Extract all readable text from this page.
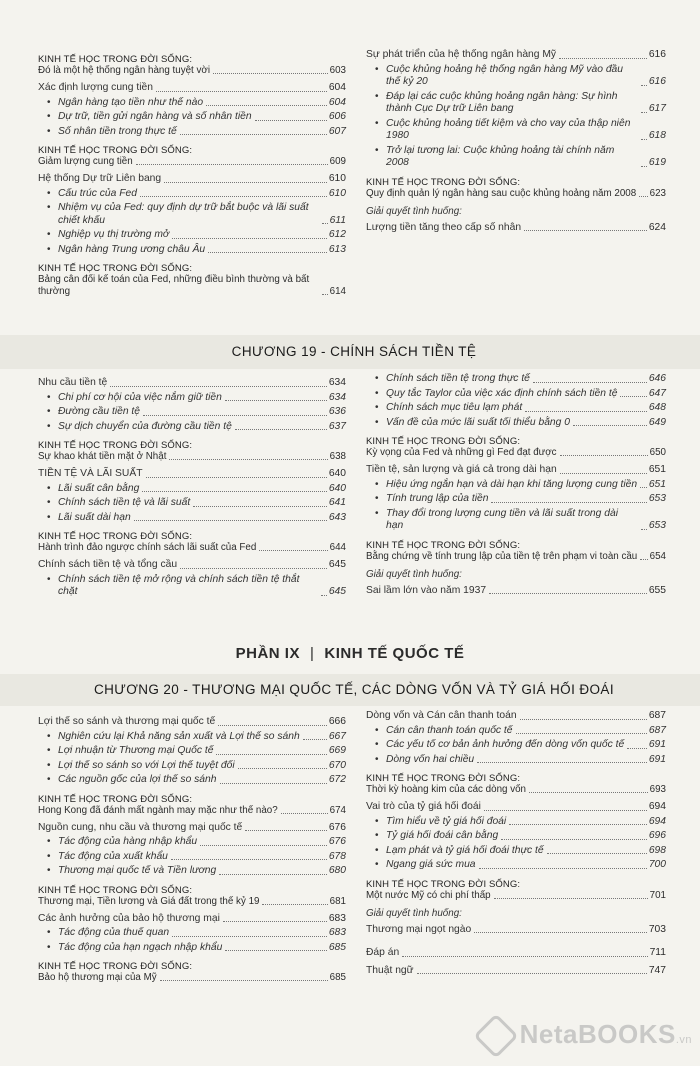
CHƯƠNG 19 - CHÍNH SÁCH TIỀN TỆ
PHẦN IX | KINH TẾ QUỐC TẾ
CHƯƠNG 20 - THƯƠNG MẠI QUỐC TẾ, CÁC DÒNG VỐN VÀ TỶ GIÁ HỐI ĐOÁI
KINH TẾ HỌC TRONG ĐỜI SỐNG:
Đó là một hệ thống ngân hàng tuyệt vời	603
Xác định lượng cung tiền	604
• Ngân hàng tạo tiền như thế nào	604
• Dự trữ, tiền gửi ngân hàng và số nhân tiền	606
• Số nhân tiền trong thực tế	607
KINH TẾ HỌC TRONG ĐỜI SỐNG:
Giảm lượng cung tiền	609
Hệ thống Dự trữ Liên bang	610
• Cấu trúc của Fed	610
• Nhiệm vụ của Fed: quy định dự trữ bắt buộc và lãi suất chiết khấu	611
• Nghiệp vụ thị trường mở	612
• Ngân hàng Trung ương châu Âu	613
KINH TẾ HỌC TRONG ĐỜI SỐNG:
Bảng cân đối kế toán của Fed, những điều bình thường và bất thường	614
Sự phát triển của hệ thống ngân hàng Mỹ	616
• Cuộc khủng hoảng hệ thống ngân hàng Mỹ vào đầu thế kỷ 20	616
• Đáp lại các cuộc khủng hoảng ngân hàng: Sự hình thành Cục Dự trữ Liên bang	617
• Cuộc khủng hoảng tiết kiệm và cho vay của thập niên 1980	618
• Trở lại tương lai: Cuộc khủng hoảng tài chính năm 2008	619
KINH TẾ HỌC TRONG ĐỜI SỐNG:
Quy định quản lý ngân hàng sau cuộc khủng hoảng năm 2008 623
Giải quyết tình huống:
Lượng tiền tăng theo cấp số nhân	624
Nhu cầu tiền tệ	634
• Chi phí cơ hội của việc nắm giữ tiền	634
• Đường cầu tiền tệ	636
• Sự dịch chuyển của đường cầu tiền tệ	637
KINH TẾ HỌC TRONG ĐỜI SỐNG:
Sự khao khát tiền mặt ở Nhật	638
TIỀN TỆ VÀ LÃI SUẤT	640
• Lãi suất cân bằng	640
• Chính sách tiền tệ và lãi suất	641
• Lãi suất dài hạn	643
KINH TẾ HỌC TRONG ĐỜI SỐNG:
Hành trình đảo ngược chính sách lãi suất của Fed	644
Chính sách tiền tệ và tổng cầu	645
• Chính sách tiền tệ mở rộng và chính sách tiền tệ thắt chặt	645
• Chính sách tiền tệ trong thực tế	646
• Quy tắc Taylor của việc xác định chính sách tiền tệ	647
• Chính sách mục tiêu lạm phát	648
• Vấn đề của mức lãi suất tối thiểu bằng 0	649
KINH TẾ HỌC TRONG ĐỜI SỐNG:
Kỳ vọng của Fed và những gì Fed đạt được	650
Tiền tệ, sản lượng và giá cả trong dài hạn	651
• Hiệu ứng ngắn hạn và dài hạn khi tăng lượng cung tiền 651
• Tính trung lập của tiền	653
• Thay đổi trong lượng cung tiền và lãi suất trong dài hạn	653
KINH TẾ HỌC TRONG ĐỜI SỐNG:
Bằng chứng về tính trung lập của tiền tệ trên phạm vi toàn cầu 654
Giải quyết tình huống:
Sai lầm lớn vào năm 1937	655
Lợi thế so sánh và thương mại quốc tế	666
• Nghiên cứu lại Khả năng sản xuất và Lợi thế so sánh	667
• Lợi nhuận từ Thương mại Quốc tế	669
• Lợi thế so sánh so với Lợi thế tuyệt đối	670
• Các nguồn gốc của lợi thế so sánh	672
KINH TẾ HỌC TRONG ĐỜI SỐNG:
Hong Kong đã đánh mất ngành may mặc như thế nào?	674
Nguồn cung, nhu cầu và thương mại quốc tế	676
• Tác động của hàng nhập khẩu	676
• Tác động của xuất khẩu	678
• Thương mại quốc tế và Tiền lương	680
KINH TẾ HỌC TRONG ĐỜI SỐNG:
Thương mại, Tiền lương và Giá đất trong thế kỷ 19	681
Các ảnh hưởng của bảo hộ thương mại	683
• Tác động của thuế quan	683
• Tác động của hạn ngạch nhập khẩu	685
KINH TẾ HỌC TRONG ĐỜI SỐNG:
Bảo hộ thương mại của Mỹ	685
Dòng vốn và Cán cân thanh toán	687
• Cán cân thanh toán quốc tế	687
• Các yếu tố cơ bản ảnh hưởng đến dòng vốn quốc tế 691
• Dòng vốn hai chiều	691
KINH TẾ HỌC TRONG ĐỜI SỐNG:
Thời kỳ hoàng kim của các dòng vốn	693
Vai trò của tỷ giá hối đoái	694
• Tìm hiểu về tỷ giá hối đoái	694
• Tỷ giá hối đoái cân bằng	696
• Lạm phát và tỷ giá hối đoái thực tế	698
• Ngang giá sức mua	700
KINH TẾ HỌC TRONG ĐỜI SỐNG:
Một nước Mỹ có chi phí thấp	701
Giải quyết tình huống:
Thương mại ngọt ngào	703
Đáp án	711
Thuật ngữ	747
NetaBOOKS.vn
